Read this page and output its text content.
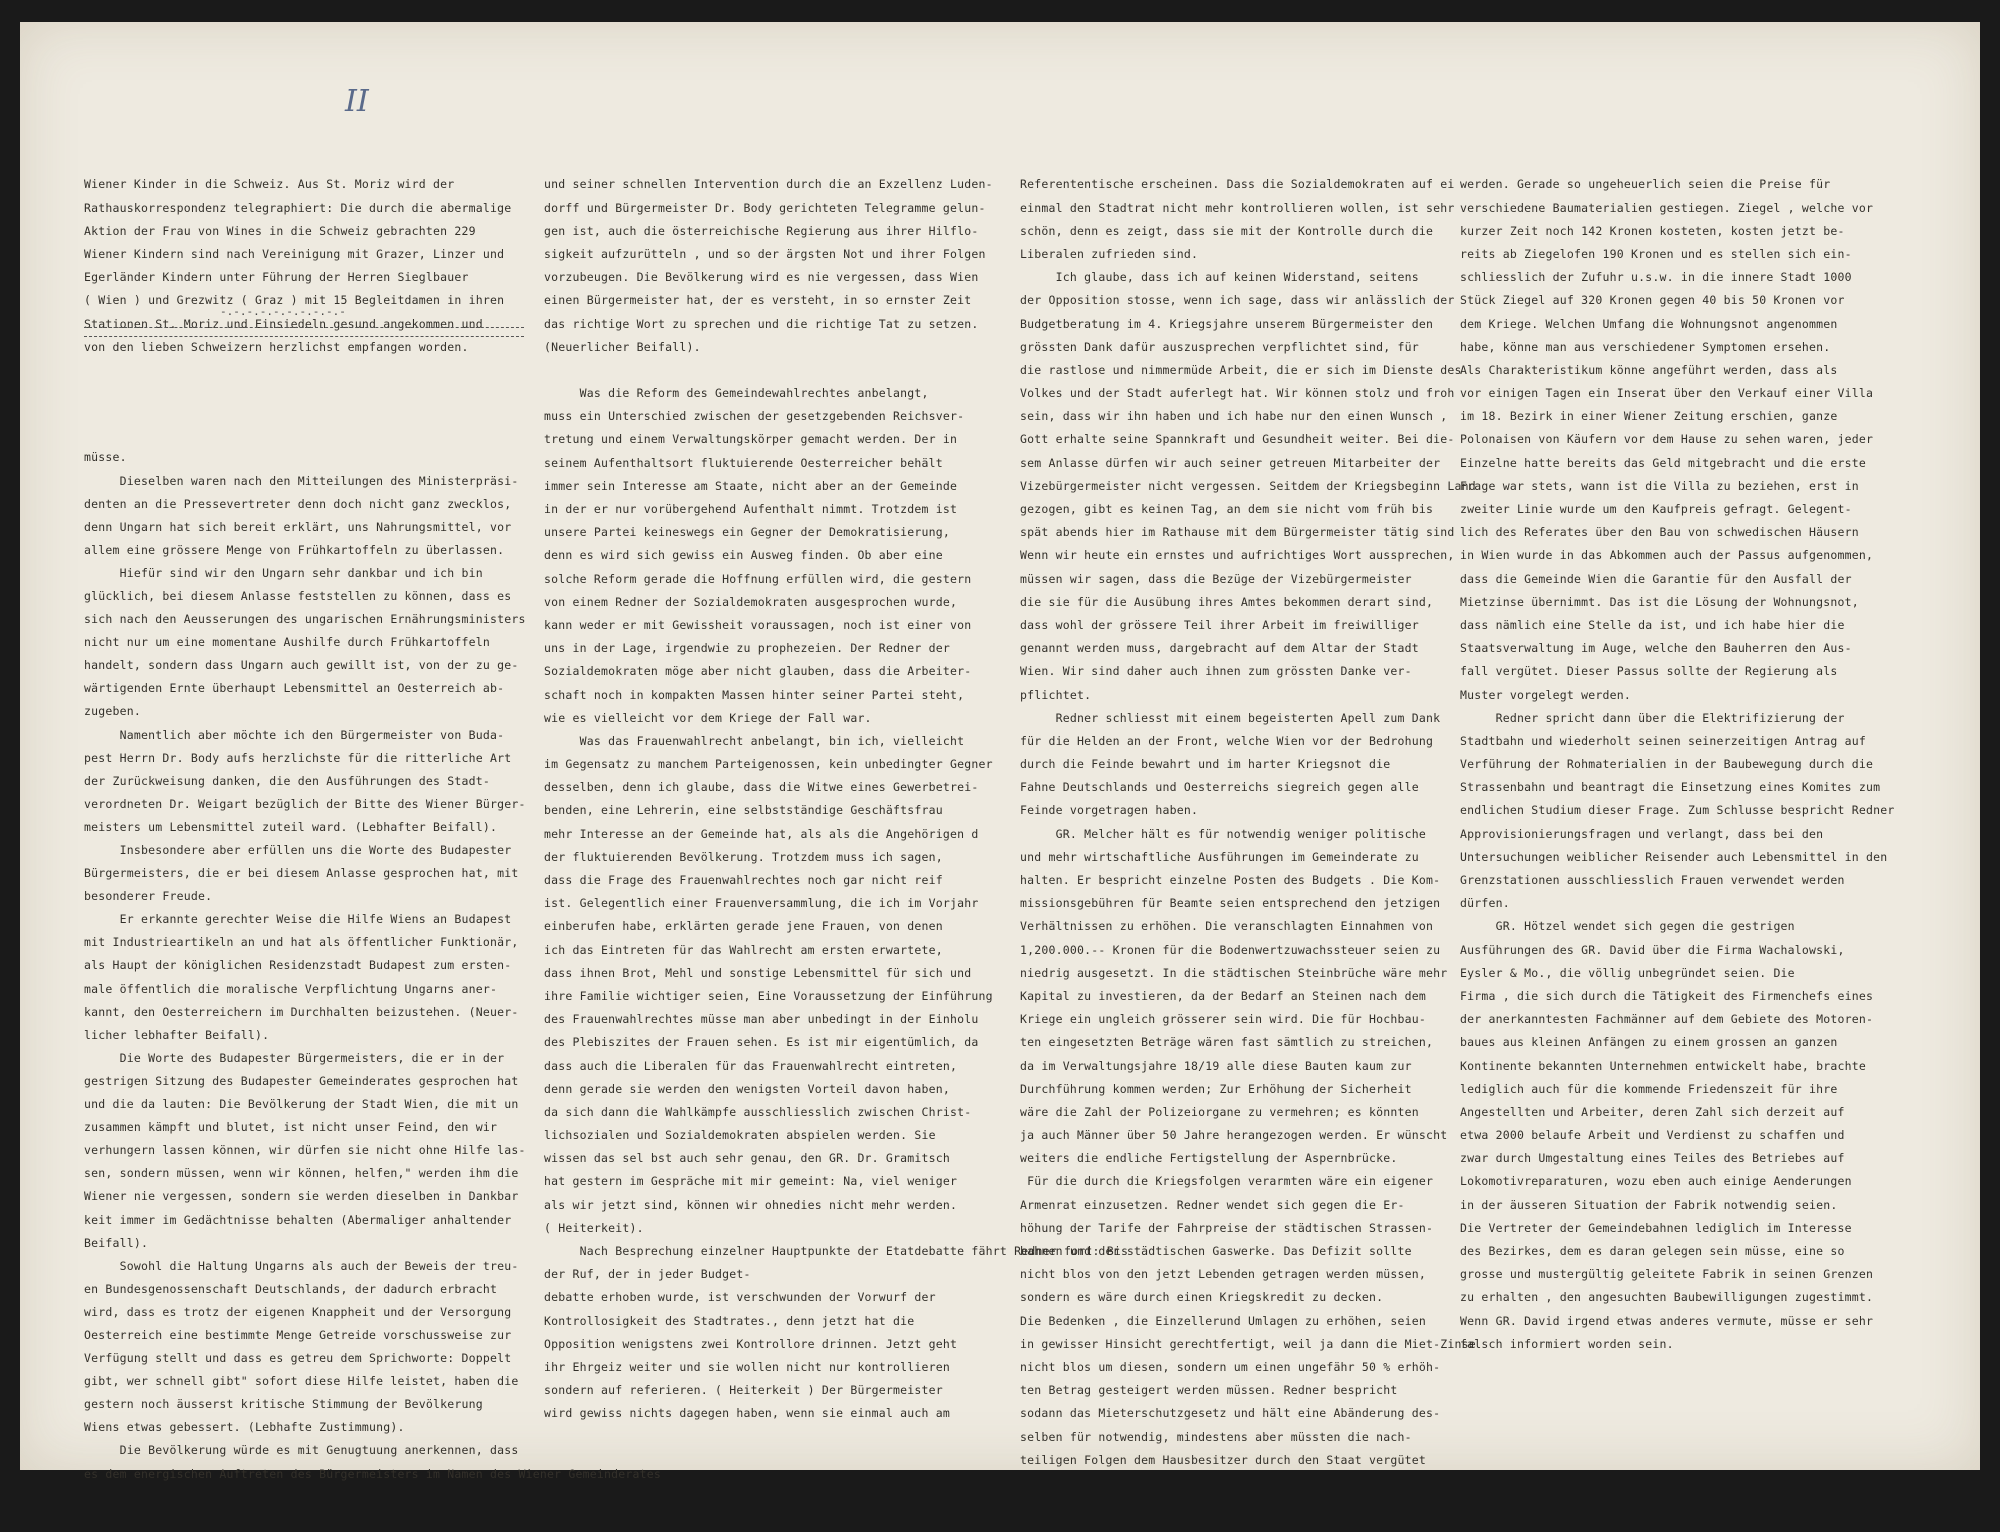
II

Wiener Kinder in die Schweiz. Aus St. Moriz wird der
Rathauskorrespondenz telegraphiert: Die durch die abermalige
Aktion der Frau von Wines in die Schweiz gebrachten 229
Wiener Kindern sind nach Vereinigung mit Grazer, Linzer und
Egerländer Kindern unter Führung der Herren Sieglbauer
( Wien ) und Grezwitz ( Graz ) mit 15 Begleitdamen in ihren
Stationen St. Moriz und Einsiedeln gesund angekommen und
von den lieben Schweizern herzlichst empfangen worden.

-.-.-.-.-.-.-.-.-.-

müsse.
Dieselben waren nach den Mitteilungen des Ministerpräsi-
denten an die Pressevertreter denn doch nicht ganz zwecklos,
denn Ungarn hat sich bereit erklärt, uns Nahrungsmittel, vor
allem eine grössere Menge von Frühkartoffeln zu überlassen.
Hiefür sind wir den Ungarn sehr dankbar und ich bin
glücklich, bei diesem Anlasse feststellen zu können, dass es
sich nach den Aeusserungen des ungarischen Ernährungsministers
nicht nur um eine momentane Aushilfe durch Frühkartoffeln
handelt, sondern dass Ungarn auch gewillt ist, von der zu ge-
wärtigenden Ernte überhaupt Lebensmittel an Oesterreich ab-
zugeben.
Namentlich aber möchte ich den Bürgermeister von Buda-
pest Herrn Dr. Body aufs herzlichste für die ritterliche Art
der Zurückweisung danken, die den Ausführungen des Stadt-
verordneten Dr. Weigart bezüglich der Bitte des Wiener Bürger-
meisters um Lebensmittel zuteil ward. (Lebhafter Beifall).
Insbesondere aber erfüllen uns die Worte des Budapester
Bürgermeisters, die er bei diesem Anlasse gesprochen hat, mit
besonderer Freude.
Er erkannte gerechter Weise die Hilfe Wiens an Budapest
mit Industrieartikeln an und hat als öffentlicher Funktionär,
als Haupt der königlichen Residenzstadt Budapest zum ersten-
male öffentlich die moralische Verpflichtung Ungarns aner-
kannt, den Oesterreichern im Durchhalten beizustehen. (Neuer-
licher lebhafter Beifall).
Die Worte des Budapester Bürgermeisters, die er in der
gestrigen Sitzung des Budapester Gemeinderates gesprochen hat
und die da lauten: Die Bevölkerung der Stadt Wien, die mit un
zusammen kämpft und blutet, ist nicht unser Feind, den wir
verhungern lassen können, wir dürfen sie nicht ohne Hilfe las-
sen, sondern müssen, wenn wir können, helfen," werden ihm die
Wiener nie vergessen, sondern sie werden dieselben in Dankbar
keit immer im Gedächtnisse behalten (Abermaliger anhaltender
Beifall).
Sowohl die Haltung Ungarns als auch der Beweis der treu-
en Bundesgenossenschaft Deutschlands, der dadurch erbracht
wird, dass es trotz der eigenen Knappheit und der Versorgung
Oesterreich eine bestimmte Menge Getreide vorschussweise zur
Verfügung stellt und dass es getreu dem Sprichworte: Doppelt
gibt, wer schnell gibt" sofort diese Hilfe leistet, haben die
gestern noch äusserst kritische Stimmung der Bevölkerung
Wiens etwas gebessert. (Lebhafte Zustimmung).
Die Bevölkerung würde es mit Genugtuung anerkennen, dass
es dem energischen Auftreten des Bürgermeisters im Namen des Wiener Gemeinderates

und seiner schnellen Intervention durch die an Exzellenz Luden-
dorff und Bürgermeister Dr. Body gerichteten Telegramme gelun-
gen ist, auch die österreichische Regierung aus ihrer Hilflo-
sigkeit aufzurütteln , und so der ärgsten Not und ihrer Folgen
vorzubeugen. Die Bevölkerung wird es nie vergessen, dass Wien
einen Bürgermeister hat, der es versteht, in so ernster Zeit
das richtige Wort zu sprechen und die richtige Tat zu setzen.
(Neuerlicher Beifall).
Was die Reform des Gemeindewahlrechtes anbelangt,
muss ein Unterschied zwischen der gesetzgebenden Reichsver-
tretung und einem Verwaltungskörper gemacht werden. Der in
seinem Aufenthaltsort fluktuierende Oesterreicher behält
immer sein Interesse am Staate, nicht aber an der Gemeinde
in der er nur vorübergehend Aufenthalt nimmt. Trotzdem ist
unsere Partei keineswegs ein Gegner der Demokratisierung,
denn es wird sich gewiss ein Ausweg finden. Ob aber eine
solche Reform gerade die Hoffnung erfüllen wird, die gestern
von einem Redner der Sozialdemokraten ausgesprochen wurde,
kann weder er mit Gewissheit voraussagen, noch ist einer von
uns in der Lage, irgendwie zu prophezeien. Der Redner der
Sozialdemokraten möge aber nicht glauben, dass die Arbeiter-
schaft noch in kompakten Massen hinter seiner Partei steht,
wie es vielleicht vor dem Kriege der Fall war.
Was das Frauenwahlrecht anbelangt, bin ich, vielleicht
im Gegensatz zu manchem Parteigenossen, kein unbedingter Gegner
desselben, denn ich glaube, dass die Witwe eines Gewerbetrei-
benden, eine Lehrerin, eine selbstständige Geschäftsfrau
mehr Interesse an der Gemeinde hat, als als die Angehörigen d
der fluktuierenden Bevölkerung. Trotzdem muss ich sagen,
dass die Frage des Frauenwahlrechtes noch gar nicht reif
ist. Gelegentlich einer Frauenversammlung, die ich im Vorjahr
einberufen habe, erklärten gerade jene Frauen, von denen
ich das Eintreten für das Wahlrecht am ersten erwartete,
dass ihnen Brot, Mehl und sonstige Lebensmittel für sich und
ihre Familie wichtiger seien, Eine Voraussetzung der Einführung
des Frauenwahlrechtes müsse man aber unbedingt in der Einholu
des Plebiszites der Frauen sehen. Es ist mir eigentümlich, da
dass auch die Liberalen für das Frauenwahlrecht eintreten,
denn gerade sie werden den wenigsten Vorteil davon haben,
da sich dann die Wahlkämpfe ausschliesslich zwischen Christ-
lichsozialen und Sozialdemokraten abspielen werden. Sie
wissen das sel bst auch sehr genau, den GR. Dr. Gramitsch
hat gestern im Gespräche mit mir gemeint: Na, viel weniger
als wir jetzt sind, können wir ohnedies nicht mehr werden.
( Heiterkeit).
Nach Besprechung einzelner Hauptpunkte der Etatdebatte fährt Redner fort: Bis
der Ruf, der in jeder Budget-
debatte erhoben wurde, ist verschwunden der Vorwurf der
Kontrollosigkeit des Stadtrates., denn jetzt hat die
Opposition wenigstens zwei Kontrollore drinnen. Jetzt geht
ihr Ehrgeiz weiter und sie wollen nicht nur kontrollieren
sondern auf referieren. ( Heiterkeit ) Der Bürgermeister
wird gewiss nichts dagegen haben, wenn sie einmal auch am

Referententische erscheinen. Dass die Sozialdemokraten auf ei
einmal den Stadtrat nicht mehr kontrollieren wollen, ist sehr
schön, denn es zeigt, dass sie mit der Kontrolle durch die
Liberalen zufrieden sind.
Ich glaube, dass ich auf keinen Widerstand, seitens
der Opposition stosse, wenn ich sage, dass wir anlässlich der
Budgetberatung im 4. Kriegsjahre unserem Bürgermeister den
grössten Dank dafür auszusprechen verpflichtet sind, für
die rastlose und nimmermüde Arbeit, die er sich im Dienste des
Volkes und der Stadt auferlegt hat. Wir können stolz und froh
sein, dass wir ihn haben und ich habe nur den einen Wunsch ,
Gott erhalte seine Spannkraft und Gesundheit weiter. Bei die-
sem Anlasse dürfen wir auch seiner getreuen Mitarbeiter der
Vizebürgermeister nicht vergessen. Seitdem der Kriegsbeginn Land
gezogen, gibt es keinen Tag, an dem sie nicht vom früh bis
spät abends hier im Rathause mit dem Bürgermeister tätig sind
Wenn wir heute ein ernstes und aufrichtiges Wort aussprechen,
müssen wir sagen, dass die Bezüge der Vizebürgermeister
die sie für die Ausübung ihres Amtes bekommen derart sind,
dass wohl der grössere Teil ihrer Arbeit im freiwilliger
genannt werden muss, dargebracht auf dem Altar der Stadt
Wien. Wir sind daher auch ihnen zum grössten Danke ver-
pflichtet.
Redner schliesst mit einem begeisterten Apell zum Dank
für die Helden an der Front, welche Wien vor der Bedrohung
durch die Feinde bewahrt und im harter Kriegsnot die
Fahne Deutschlands und Oesterreichs siegreich gegen alle
Feinde vorgetragen haben.
GR. Melcher hält es für notwendig weniger politische
und mehr wirtschaftliche Ausführungen im Gemeinderate zu
halten. Er bespricht einzelne Posten des Budgets . Die Kom-
missionsgebühren für Beamte seien entsprechend den jetzigen
Verhältnissen zu erhöhen. Die veranschlagten Einnahmen von
1,200.000.-- Kronen für die Bodenwertzuwachssteuer seien zu
niedrig ausgesetzt. In die städtischen Steinbrüche wäre mehr
Kapital zu investieren, da der Bedarf an Steinen nach dem
Kriege ein ungleich grösserer sein wird. Die für Hochbau-
ten eingesetzten Beträge wären fast sämtlich zu streichen,
da im Verwaltungsjahre 18/19 alle diese Bauten kaum zur
Durchführung kommen werden; Zur Erhöhung der Sicherheit
wäre die Zahl der Polizeiorgane zu vermehren; es könnten
ja auch Männer über 50 Jahre herangezogen werden. Er wünscht
weiters die endliche Fertigstellung der Aspernbrücke.
Für die durch die Kriegsfolgen verarmten wäre ein eigener
Armenrat einzusetzen. Redner wendet sich gegen die Er-
höhung der Tarife der Fahrpreise der städtischen Strassen-
bahnen und der städtischen Gaswerke. Das Defizit sollte
nicht blos von den jetzt Lebenden getragen werden müssen,
sondern es wäre durch einen Kriegskredit zu decken.
Die Bedenken , die Einzellerund Umlagen zu erhöhen, seien
in gewisser Hinsicht gerechtfertigt, weil ja dann die Miet-Zinse
nicht blos um diesen, sondern um einen ungefähr 50 % erhöh-
ten Betrag gesteigert werden müssen. Redner bespricht
sodann das Mieterschutzgesetz und hält eine Abänderung des-
selben für notwendig, mindestens aber müssten die nach-
teiligen Folgen dem Hausbesitzer durch den Staat vergütet

werden. Gerade so ungeheuerlich seien die Preise für
verschiedene Baumaterialien gestiegen. Ziegel , welche vor
kurzer Zeit noch 142 Kronen kosteten, kosten jetzt be-
reits ab Ziegelofen 190 Kronen und es stellen sich ein-
schliesslich der Zufuhr u.s.w. in die innere Stadt 1000
Stück Ziegel auf 320 Kronen gegen 40 bis 50 Kronen vor
dem Kriege. Welchen Umfang die Wohnungsnot angenommen
habe, könne man aus verschiedener Symptomen ersehen.
Als Charakteristikum könne angeführt werden, dass als
vor einigen Tagen ein Inserat über den Verkauf einer Villa
im 18. Bezirk in einer Wiener Zeitung erschien, ganze
Polonaisen von Käufern vor dem Hause zu sehen waren, jeder
Einzelne hatte bereits das Geld mitgebracht und die erste
Frage war stets, wann ist die Villa zu beziehen, erst in
zweiter Linie wurde um den Kaufpreis gefragt. Gelegent-
lich des Referates über den Bau von schwedischen Häusern
in Wien wurde in das Abkommen auch der Passus aufgenommen,
dass die Gemeinde Wien die Garantie für den Ausfall der
Mietzinse übernimmt. Das ist die Lösung der Wohnungsnot,
dass nämlich eine Stelle da ist, und ich habe hier die
Staatsverwaltung im Auge, welche den Bauherren den Aus-
fall vergütet. Dieser Passus sollte der Regierung als
Muster vorgelegt werden.
Redner spricht dann über die Elektrifizierung der
Stadtbahn und wiederholt seinen seinerzeitigen Antrag auf
Verführung der Rohmaterialien in der Baubewegung durch die
Strassenbahn und beantragt die Einsetzung eines Komites zum
endlichen Studium dieser Frage. Zum Schlusse bespricht Redner
Approvisionierungsfragen und verlangt, dass bei den
Untersuchungen weiblicher Reisender auch Lebensmittel in den
Grenzstationen ausschliesslich Frauen verwendet werden
dürfen.
GR. Hötzel wendet sich gegen die gestrigen
Ausführungen des GR. David über die Firma Wachalowski,
Eysler & Mo., die völlig unbegründet seien. Die
Firma , die sich durch die Tätigkeit des Firmenchefs eines
der anerkanntesten Fachmänner auf dem Gebiete des Motoren-
baues aus kleinen Anfängen zu einem grossen an ganzen
Kontinente bekannten Unternehmen entwickelt habe, brachte
lediglich auch für die kommende Friedenszeit für ihre
Angestellten und Arbeiter, deren Zahl sich derzeit auf
etwa 2000 belaufe Arbeit und Verdienst zu schaffen und
zwar durch Umgestaltung eines Teiles des Betriebes auf
Lokomotivreparaturen, wozu eben auch einige Aenderungen
in der äusseren Situation der Fabrik notwendig seien.
Die Vertreter der Gemeindebahnen lediglich im Interesse
des Bezirkes, dem es daran gelegen sein müsse, eine so
grosse und mustergültig geleitete Fabrik in seinen Grenzen
zu erhalten , den angesuchten Baubewilligungen zugestimmt.
Wenn GR. David irgend etwas anderes vermute, müsse er sehr
falsch informiert worden sein.
